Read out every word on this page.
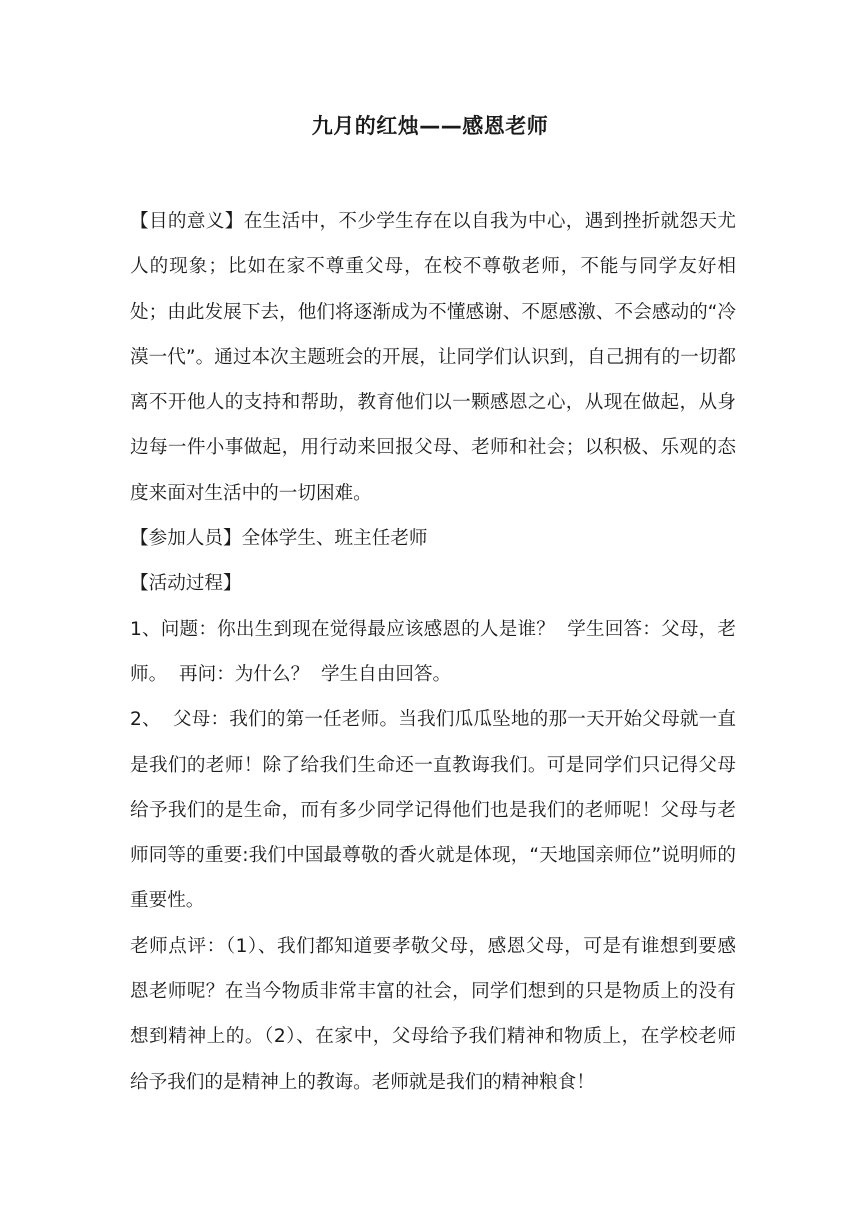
九月的红烛——感恩老师

【目的意义】在生活中，不少学生存在以自我为中心，遇到挫折就怨天尤人的现象；比如在家不尊重父母，在校不尊敬老师，不能与同学友好相处；由此发展下去，他们将逐渐成为不懂感谢、不愿感激、不会感动的“冷漠一代”。通过本次主题班会的开展，让同学们认识到，自己拥有的一切都离不开他人的支持和帮助，教育他们以一颗感恩之心，从现在做起，从身边每一件小事做起，用行动来回报父母、老师和社会；以积极、乐观的态度来面对生活中的一切困难。

【参加人员】全体学生、班主任老师

【活动过程】

1、问题：你出生到现在觉得最应该感恩的人是谁？  学生回答：父母，老师。  再问：为什么？  学生自由回答。

2、  父母：我们的第一任老师。当我们瓜瓜坠地的那一天开始父母就一直是我们的老师！除了给我们生命还一直教诲我们。可是同学们只记得父母给予我们的是生命，而有多少同学记得他们也是我们的老师呢！父母与老师同等的重要:我们中国最尊敬的香火就是体现，“天地国亲师位”说明师的重要性。

老师点评：（1）、我们都知道要孝敬父母，感恩父母，可是有谁想到要感恩老师呢？在当今物质非常丰富的社会，同学们想到的只是物质上的没有想到精神上的。（2）、在家中，父母给予我们精神和物质上，在学校老师给予我们的是精神上的教诲。老师就是我们的精神粮食！
